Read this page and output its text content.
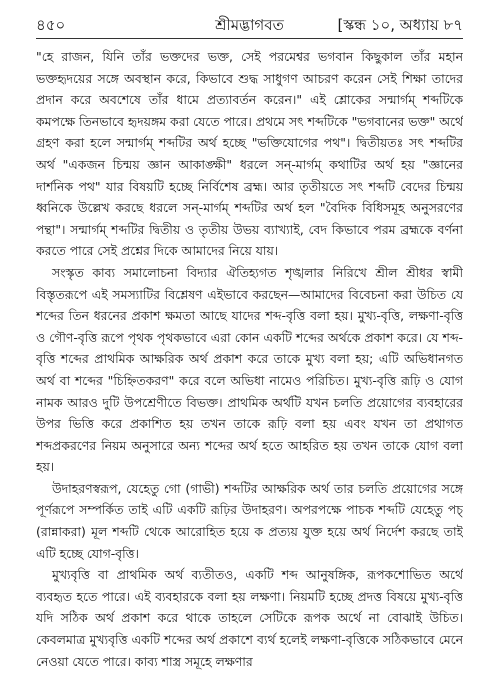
৪৫০	শ্রীমদ্ভাগবত	[স্কন্ধ ১০, অধ্যায় ৮৭

"হে রাজন, যিনি তাঁর ভক্তদের ভক্ত, সেই পরমেশ্বর ভগবান কিছুকাল তাঁর মহান ভক্তহৃদয়ের সঙ্গে অবস্থান করে, কিভাবে শুদ্ধ সাধুগণ আচরণ করেন সেই শিক্ষা তাদের প্রদান করে অবশেষে তাঁর ধামে প্রত্যাবর্তন করেন।" এই শ্লোকের সন্মার্গম্ শব্দটিকে কমপক্ষে তিনভাবে হৃদয়ঙ্গম করা যেতে পারে। প্রথমে সৎ শব্দটিকে "ভগবানের ভক্ত" অর্থে গ্রহণ করা হলে সন্মার্গম্ শব্দটির অর্থ হচ্ছে "ভক্তিযোগের পথ"। দ্বিতীয়তঃ সৎ শব্দটির অর্থ "একজন চিন্ময় জ্ঞান আকাঙ্ক্ষী" ধরলে সন্-মার্গম্ কথাটির অর্থ হয় "জ্ঞানের দার্শনিক পথ" যার বিষয়টি হচ্ছে নির্বিশেষ ব্রহ্ম। আর তৃতীয়তে সৎ শব্দটি বেদের চিন্ময় ধ্বনিকে উল্লেখ করছে ধরলে সন্-মার্গম্ শব্দটির অর্থ হল "বৈদিক বিধিসমূহ অনুসরণের পন্থা"। সন্মার্গম্ শব্দটির দ্বিতীয় ও তৃতীয় উভয় ব্যাখ্যাই, বেদ কিভাবে পরম ব্রহ্মকে বর্ণনা করতে পারে সেই প্রশ্নের দিকে আমাদের নিয়ে যায়।

সংস্কৃত কাব্য সমালোচনা বিদ্যার ঐতিহ্যগত শৃঙ্খলার নিরিখে শ্রীল শ্রীধর স্বামী বিস্তৃতরূপে এই সমস্যাটির বিশ্লেষণ এইভাবে করছেন—আমাদের বিবেচনা করা উচিত যে শব্দের তিন ধরনের প্রকাশ ক্ষমতা আছে যাদের শব্দ-বৃত্তি বলা হয়। মুখ্য-বৃত্তি, লক্ষণা-বৃত্তি ও গৌণ-বৃত্তি রূপে পৃথক পৃথকভাবে এরা কোন একটি শব্দের অর্থকে প্রকাশ করে। যে শব্দ-বৃত্তি শব্দের প্রাথমিক আক্ষরিক অর্থ প্রকাশ করে তাকে মুখ্য বলা হয়; এটি অভিধানগত অর্থ বা শব্দের "চিহ্নিতকরণ" করে বলে অভিধা নামেও পরিচিত। মুখ্য-বৃত্তি রূঢ়ি ও যোগ নামক আরও দুটি উপশ্রেণীতে বিভক্ত। প্রাথমিক অর্থটি যখন চলতি প্রয়োগের ব্যবহারের উপর ভিত্তি করে প্রকাশিত হয় তখন তাকে রূঢ়ি বলা হয় এবং যখন তা প্রথাগত শব্দপ্রকরণের নিয়ম অনুসারে অন্য শব্দের অর্থ হতে আহরিত হয় তখন তাকে যোগ বলা হয়।

উদাহরণস্বরূপ, যেহেতু গো (গাভী) শব্দটির আক্ষরিক অর্থ তার চলতি প্রয়োগের সঙ্গে পূর্ণরূপে সম্পর্কিত তাই এটি একটি রূঢ়ির উদাহরণ। অপরপক্ষে পাচক শব্দটি যেহেতু পচ্ (রান্নাকরা) মূল শব্দটি থেকে আরোহিত হয়ে ক প্রত্যয় যুক্ত হয়ে অর্থ নির্দেশ করছে তাই এটি হচ্ছে যোগ-বৃত্তি।

মুখ্যবৃত্তি বা প্রাথমিক অর্থ ব্যতীতও, একটি শব্দ আনুষঙ্গিক, রূপকশোভিত অর্থে ব্যবহৃত হতে পারে। এই ব্যবহারকে বলা হয় লক্ষণা। নিয়মটি হচ্ছে প্রদত্ত বিষয়ে মুখ্য-বৃত্তি যদি সঠিক অর্থ প্রকাশ করে থাকে তাহলে সেটিকে রূপক অর্থে না বোঝাই উচিত। কেবলমাত্র মুখ্যবৃত্তি একটি শব্দের অর্থ প্রকাশে ব্যর্থ হলেই লক্ষণা-বৃত্তিকে সঠিকভাবে মেনে নেওয়া যেতে পারে। কাব্য শাস্ত্র সমূহে লক্ষণার
